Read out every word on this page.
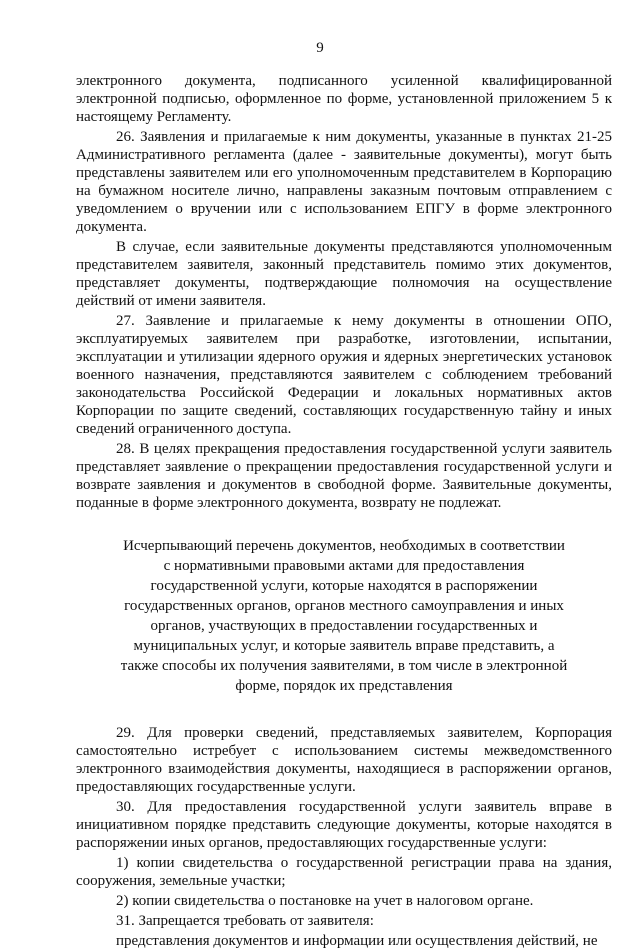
9

электронного документа, подписанного усиленной квалифицированной электронной подписью, оформленное по форме, установленной приложением 5 к настоящему Регламенту.

26. Заявления и прилагаемые к ним документы, указанные в пунктах 21-25 Административного регламента (далее - заявительные документы), могут быть представлены заявителем или его уполномоченным представителем в Корпорацию на бумажном носителе лично, направлены заказным почтовым отправлением с уведомлением о вручении или с использованием ЕПГУ в форме электронного документа.

В случае, если заявительные документы представляются уполномоченным представителем заявителя, законный представитель помимо этих документов, представляет документы, подтверждающие полномочия на осуществление действий от имени заявителя.

27. Заявление и прилагаемые к нему документы в отношении ОПО, эксплуатируемых заявителем при разработке, изготовлении, испытании, эксплуатации и утилизации ядерного оружия и ядерных энергетических установок военного назначения, представляются заявителем с соблюдением требований законодательства Российской Федерации и локальных нормативных актов Корпорации по защите сведений, составляющих государственную тайну и иных сведений ограниченного доступа.

28. В целях прекращения предоставления государственной услуги заявитель представляет заявление о прекращении предоставления государственной услуги и возврате заявления и документов в свободной форме. Заявительные документы, поданные в форме электронного документа, возврату не подлежат.

Исчерпывающий перечень документов, необходимых в соответствии с нормативными правовыми актами для предоставления государственной услуги, которые находятся в распоряжении государственных органов, органов местного самоуправления и иных органов, участвующих в предоставлении государственных и муниципальных услуг, и которые заявитель вправе представить, а также способы их получения заявителями, в том числе в электронной форме, порядок их представления

29. Для проверки сведений, представляемых заявителем, Корпорация самостоятельно истребует с использованием системы межведомственного электронного взаимодействия документы, находящиеся в распоряжении органов, предоставляющих государственные услуги.

30. Для предоставления государственной услуги заявитель вправе в инициативном порядке представить следующие документы, которые находятся в распоряжении иных органов, предоставляющих государственные услуги:

1) копии свидетельства о государственной регистрации права на здания, сооружения, земельные участки;

2) копии свидетельства о постановке на учет в налоговом органе.

31. Запрещается требовать от заявителя:

представления документов и информации или осуществления действий, не
